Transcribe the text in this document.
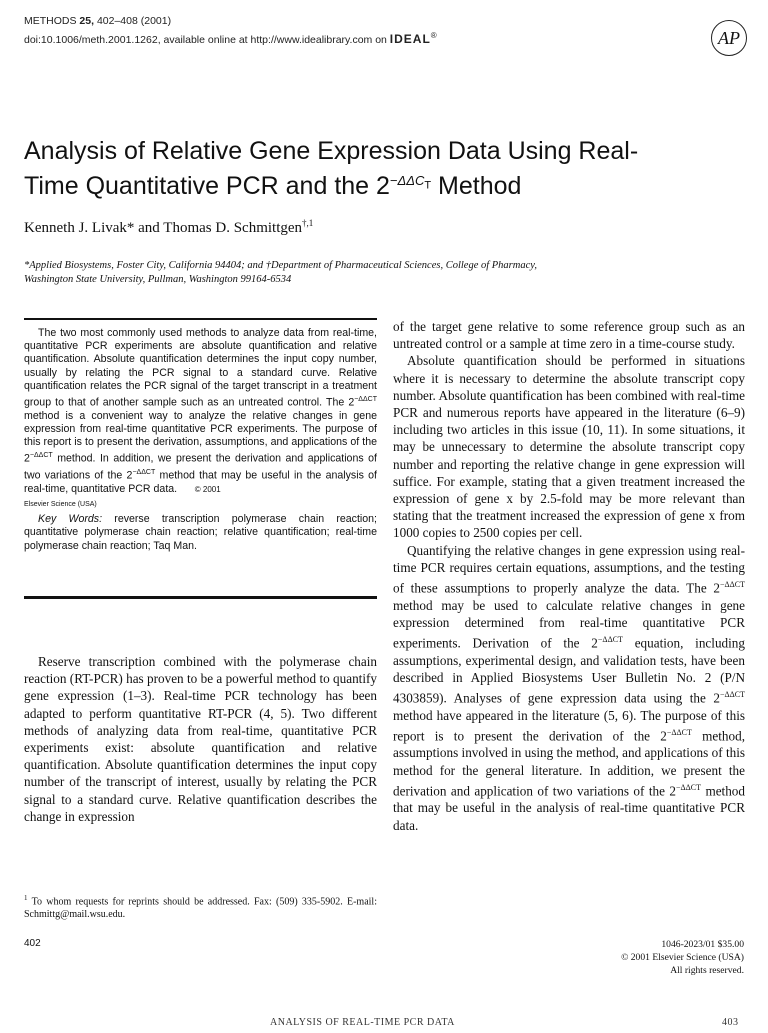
METHODS 25, 402–408 (2001)
doi:10.1006/meth.2001.1262, available online at http://www.idealibrary.com on IDEAL®	AP
Analysis of Relative Gene Expression Data Using Real-
Time Quantitative PCR and the $2^{-\Delta\Delta C_T}$ Method
Kenneth J. Livak* and Thomas D. Schmittgen$^{\dagger,1}$
*Applied Biosystems, Foster City, California 94404; and †Department of Pharmaceutical Sciences, College of Pharmacy,
Washington State University, Pullman, Washington 99164-6534

The two most commonly used methods to analyze data from real-time, quantitative PCR experiments are absolute quantification and relative quantification. Absolute quantification determines the input copy number, usually by relating the PCR signal to a standard curve. Relative quantification relates the PCR signal of the target transcript in a treatment group to that of another sample such as an untreated control. The $2^{-\Delta\Delta CT}$ method is a convenient way to analyze the relative changes in gene expression from real-time quantitative PCR experiments. The purpose of this report is to present the derivation, assumptions, and applications of the $2^{-\Delta\Delta CT}$ method. In addition, we present the derivation and applications of two variations of the $2^{-\Delta\Delta CT}$ method that may be useful in the analysis of real-time, quantitative PCR data. © 2001

Elsevier Science (USA)

Key Words: reverse transcription polymerase chain reaction; quantitative polymerase chain reaction; relative quantification; real-time polymerase chain reaction; Taq Man.

Reserve transcription combined with the polymerase chain reaction (RT-PCR) has proven to be a powerful method to quantify gene expression (1–3). Real-time PCR technology has been adapted to perform quantitative RT-PCR (4, 5). Two different methods of analyzing data from real-time, quantitative PCR experiments exist: absolute quantification and relative quantification. Absolute quantification determines the input copy number of the transcript of interest, usually by relating the PCR signal to a standard curve. Relative quantification describes the change in expression

of the target gene relative to some reference group such as an untreated control or a sample at time zero in a time-course study.

Absolute quantification should be performed in situations where it is necessary to determine the absolute transcript copy number. Absolute quantification has been combined with real-time PCR and numerous reports have appeared in the literature (6–9) including two articles in this issue (10, 11). In some situations, it may be unnecessary to determine the absolute transcript copy number and reporting the relative change in gene expression will suffice. For example, stating that a given treatment increased the expression of gene x by 2.5-fold may be more relevant than stating that the treatment increased the expression of gene x from 1000 copies to 2500 copies per cell.

Quantifying the relative changes in gene expression using real-time PCR requires certain equations, assumptions, and the testing of these assumptions to properly analyze the data. The $2^{-\Delta\Delta CT}$ method may be used to calculate relative changes in gene expression determined from real-time quantitative PCR experiments. Derivation of the $2^{-\Delta\Delta CT}$ equation, including assumptions, experimental design, and validation tests, have been described in Applied Biosystems User Bulletin No. 2 (P/N 4303859). Analyses of gene expression data using the $2^{-\Delta\Delta CT}$ method have appeared in the literature (5, 6). The purpose of this report is to present the derivation of the $2^{-\Delta\Delta CT}$ method, assumptions involved in using the method, and applications of this method for the general literature. In addition, we present the derivation and application of two variations of the $2^{-\Delta\Delta CT}$ method that may be useful in the analysis of real-time quantitative PCR data.

$^1$ To whom requests for reprints should be addressed. Fax: (509) 335-5902. E-mail: Schmittg@mail.wsu.edu.
402	1046-2023/01 $35.00
© 2001 Elsevier Science (USA)
All rights reserved.
ANALYSIS OF REAL-TIME PCR DATA	403
